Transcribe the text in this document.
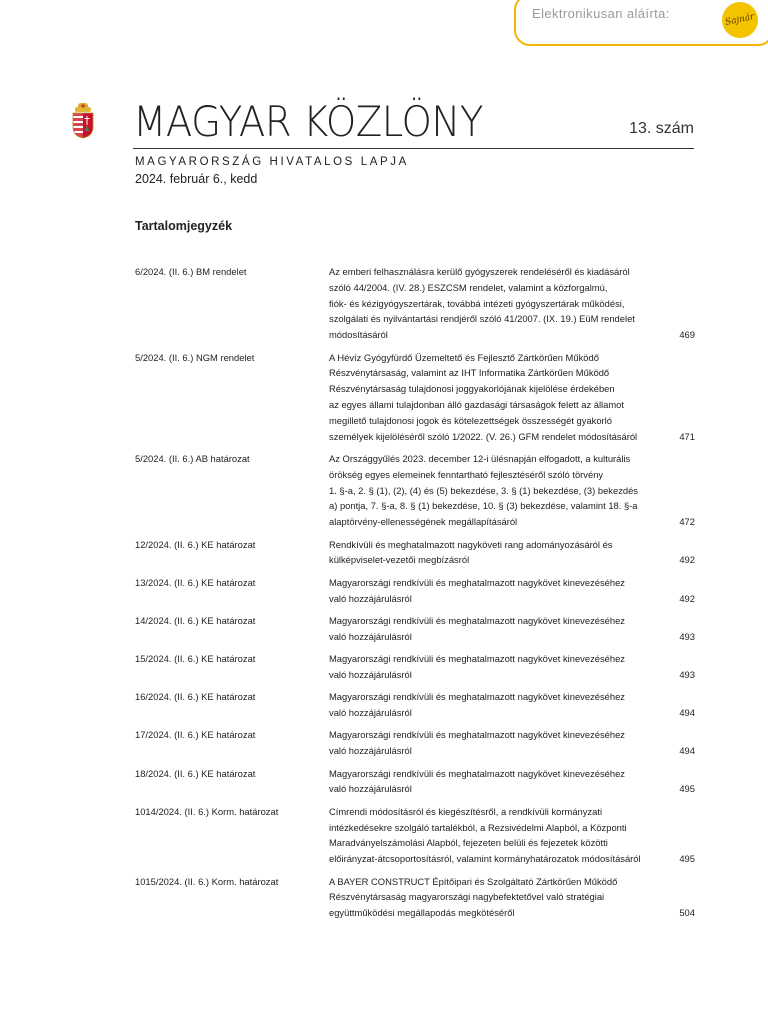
Elektronikusan aláírta:	Sajnár
MAGYAR KÖZLÖNY	13. szám
MAGYARORSZÁG HIVATALOS LAPJA
2024. február 6., kedd
Tartalomjegyzék
6/2024. (II. 6.) BM rendelet	Az emberi felhasználásra kerülő gyógyszerek rendeléséről és kiadásáról
szóló 44/2004. (IV. 28.) ESZCSM rendelet, valamint a közforgalmú,
fiók- és kézigyógyszertárak, továbbá intézeti gyógyszertárak működési,
szolgálati és nyilvántartási rendjéről szóló 41/2007. (IX. 19.) EüM rendelet
módosításáról	469
5/2024. (II. 6.) NGM rendelet	A Hévíz Gyógyfürdő Üzemeltető és Fejlesztő Zártkörűen Működő
Részvénytársaság, valamint az IHT Informatika Zártkörűen Működő
Részvénytársaság tulajdonosi joggyakorlójának kijelölése érdekében
az egyes állami tulajdonban álló gazdasági társaságok felett az államot
megillető tulajdonosi jogok és kötelezettségek összességét gyakorló
személyek kijelöléséről szóló 1/2022. (V. 26.) GFM rendelet módosításáról	471
5/2024. (II. 6.) AB határozat	Az Országgyűlés 2023. december 12-i ülésnapján elfogadott, a kulturális
örökség egyes elemeinek fenntartható fejlesztéséről szóló törvény
1. §-a, 2. § (1), (2), (4) és (5) bekezdése, 3. § (1) bekezdése, (3) bekezdés
a) pontja, 7. §-a, 8. § (1) bekezdése, 10. § (3) bekezdése, valamint 18. §-a
alaptörvény-ellenességének megállapításáról	472
12/2024. (II. 6.) KE határozat	Rendkívüli és meghatalmazott nagyköveti rang adományozásáról és
külképviselet-vezetői megbízásról	492
13/2024. (II. 6.) KE határozat	Magyarországi rendkívüli és meghatalmazott nagykövet kinevezéséhez
való hozzájárulásról	492
14/2024. (II. 6.) KE határozat	Magyarországi rendkívüli és meghatalmazott nagykövet kinevezéséhez
való hozzájárulásról	493
15/2024. (II. 6.) KE határozat	Magyarországi rendkívüli és meghatalmazott nagykövet kinevezéséhez
való hozzájárulásról	493
16/2024. (II. 6.) KE határozat	Magyarországi rendkívüli és meghatalmazott nagykövet kinevezéséhez
való hozzájárulásról	494
17/2024. (II. 6.) KE határozat	Magyarországi rendkívüli és meghatalmazott nagykövet kinevezéséhez
való hozzájárulásról	494
18/2024. (II. 6.) KE határozat	Magyarországi rendkívüli és meghatalmazott nagykövet kinevezéséhez
való hozzájárulásról	495
1014/2024. (II. 6.) Korm. határozat	Címrendi módosításról és kiegészítésről, a rendkívüli kormányzati
intézkedésekre szolgáló tartalékból, a Rezsivédelmi Alapból, a Központi
Maradványelszámolási Alapból, fejezeten belüli és fejezetek közötti
előirányzat-átcsoportosításról, valamint kormányhatározatok módosításáról	495
1015/2024. (II. 6.) Korm. határozat	A BAYER CONSTRUCT Építőipari és Szolgáltató Zártkörűen Működő
Részvénytársaság magyarországi nagybefektetővel való stratégiai
együttműködési megállapodás megkötéséről	504
